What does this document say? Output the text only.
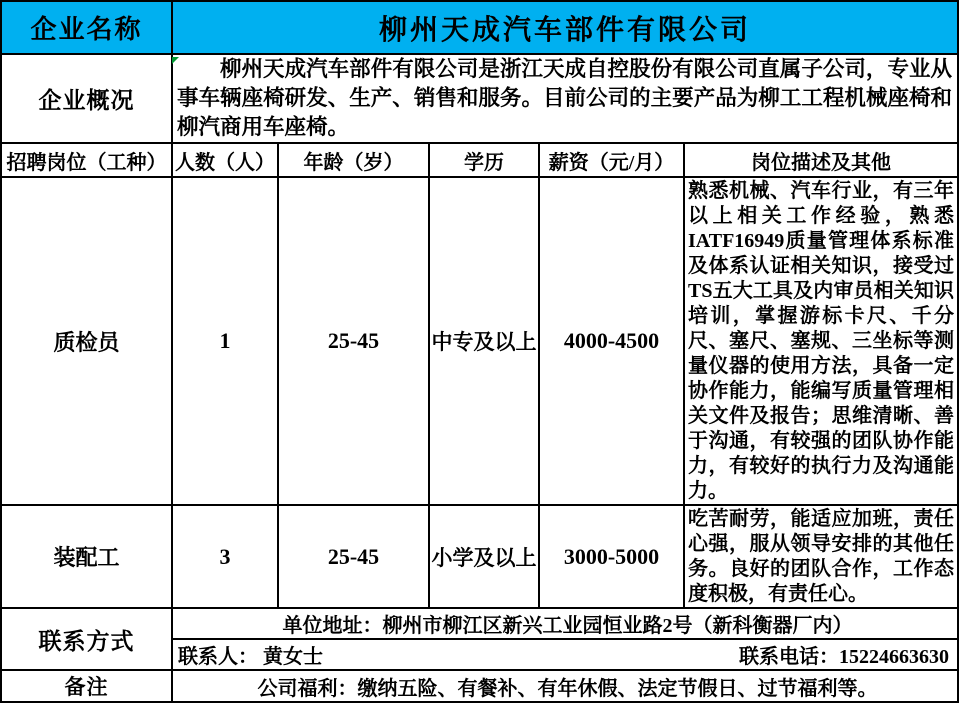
企业名称	柳州天成汽车部件有限公司				
企业概况	柳州天成汽车部件有限公司是浙江天成自控股份有限公司直属子公司，专业从事车辆座椅研发、生产、销售和服务。目前公司的主要产品为柳工工程机械座椅和柳汽商用车座椅。				

招聘岗位（工种）	人数（人）	年龄（岁）	学历	薪资（元/月）	岗位描述及其他
质检员	1	25-45	中专及以上	4000-4500	熟悉机械、汽车行业，有三年以上相关工作经验，熟悉IATF16949质量管理体系标准及体系认证相关知识，接受过TS五大工具及内审员相关知识培训，掌握游标卡尺、千分尺、塞尺、塞规、三坐标等测量仪器的使用方法，具备一定协作能力，能编写质量管理相关文件及报告；思维清晰、善于沟通，有较强的团队协作能力，有较好的执行力及沟通能力。

装配工	3	25-45	小学及以上	3000-5000	吃苦耐劳，能适应加班，责任心强，服从领导安排的其他任务。良好的团队合作，工作态度积极，有责任心。

联系方式	单位地址：柳州市柳江区新兴工业园恒业路2号（新科衡器厂内）				

	联系人： 黄女士 联系电话：15224663630				

备注	公司福利：缴纳五险、有餐补、有年休假、法定节假日、过节福利等。				
